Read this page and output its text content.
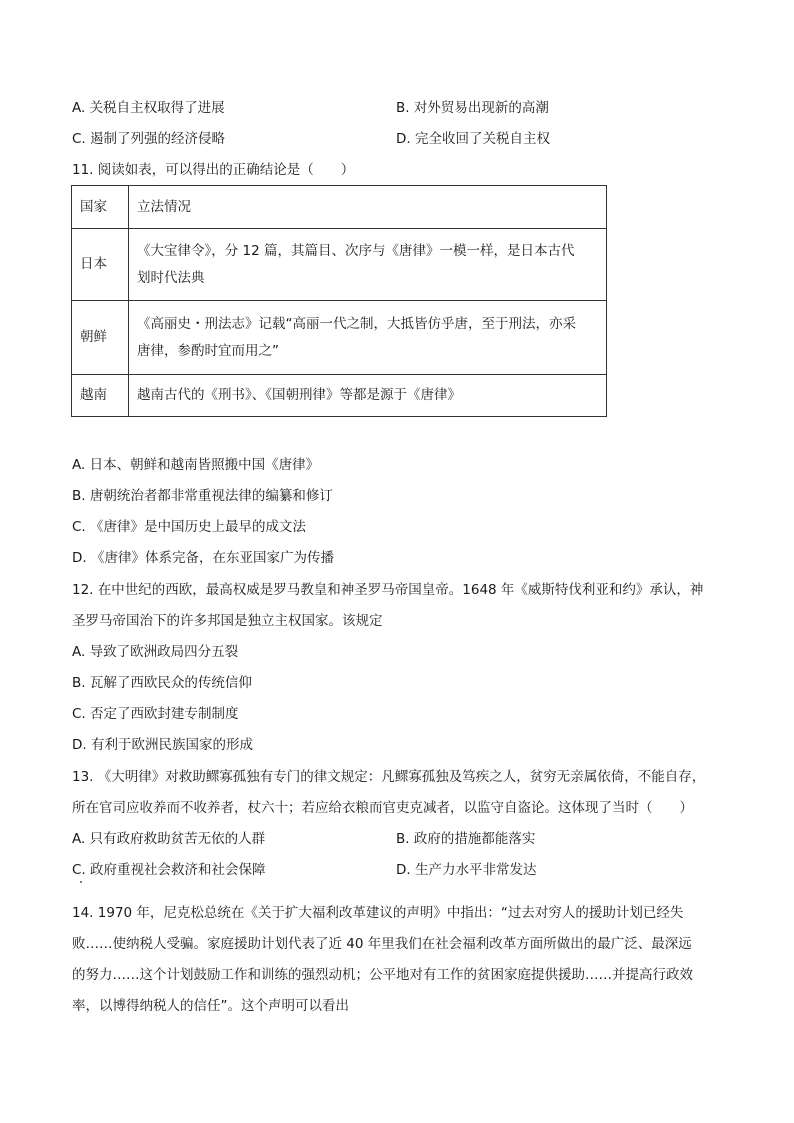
A. 关税自主权取得了进展	B. 对外贸易出现新的高潮
C. 遏制了列强的经济侵略	D. 完全收回了关税自主权
11. 阅读如表，可以得出的正确结论是（　　）
国家	立法情况
日本	《大宝律令》，分 12 篇，其篇目、次序与《唐律》一模一样，是日本古代
划时代法典

朝鲜	《高丽史・刑法志》记载“高丽一代之制，大抵皆仿乎唐，至于刑法，亦采
唐律，参酌时宜而用之”

越南	越南古代的《刑书》、《国朝刑律》等都是源于《唐律》
A. 日本、朝鲜和越南皆照搬中国《唐律》
B. 唐朝统治者都非常重视法律的编纂和修订
C. 《唐律》是中国历史上最早的成文法
D. 《唐律》体系完备，在东亚国家广为传播
12. 在中世纪的西欧，最高权威是罗马教皇和神圣罗马帝国皇帝。1648 年《威斯特伐利亚和约》承认，神
圣罗马帝国治下的许多邦国是独立主权国家。该规定
A. 导致了欧洲政局四分五裂
B. 瓦解了西欧民众的传统信仰
C. 否定了西欧封建专制制度
D. 有利于欧洲民族国家的形成
13. 《大明律》对救助鳏寡孤独有专门的律文规定：凡鳏寡孤独及笃疾之人，贫穷无亲属依倚，不能自存，
所在官司应收养而不收养者，杖六十；若应给衣粮而官吏克减者，以监守自盗论。这体现了当时（　　）
A. 只有政府救助贫苦无依的人群	B. 政府的措施都能落实
C. 政府重视社会救济和社会保障	D. 生产力水平非常发达
14. 1970 年，尼克松总统在《关于扩大福利改革建议的声明》中指出：“过去对穷人的援助计划已经失
败……使纳税人受骗。家庭援助计划代表了近 40 年里我们在社会福利改革方面所做出的最广泛、最深远
的努力……这个计划鼓励工作和训练的强烈动机；公平地对有工作的贫困家庭提供援助……并提高行政效
率，以博得纳税人的信任”。这个声明可以看出
